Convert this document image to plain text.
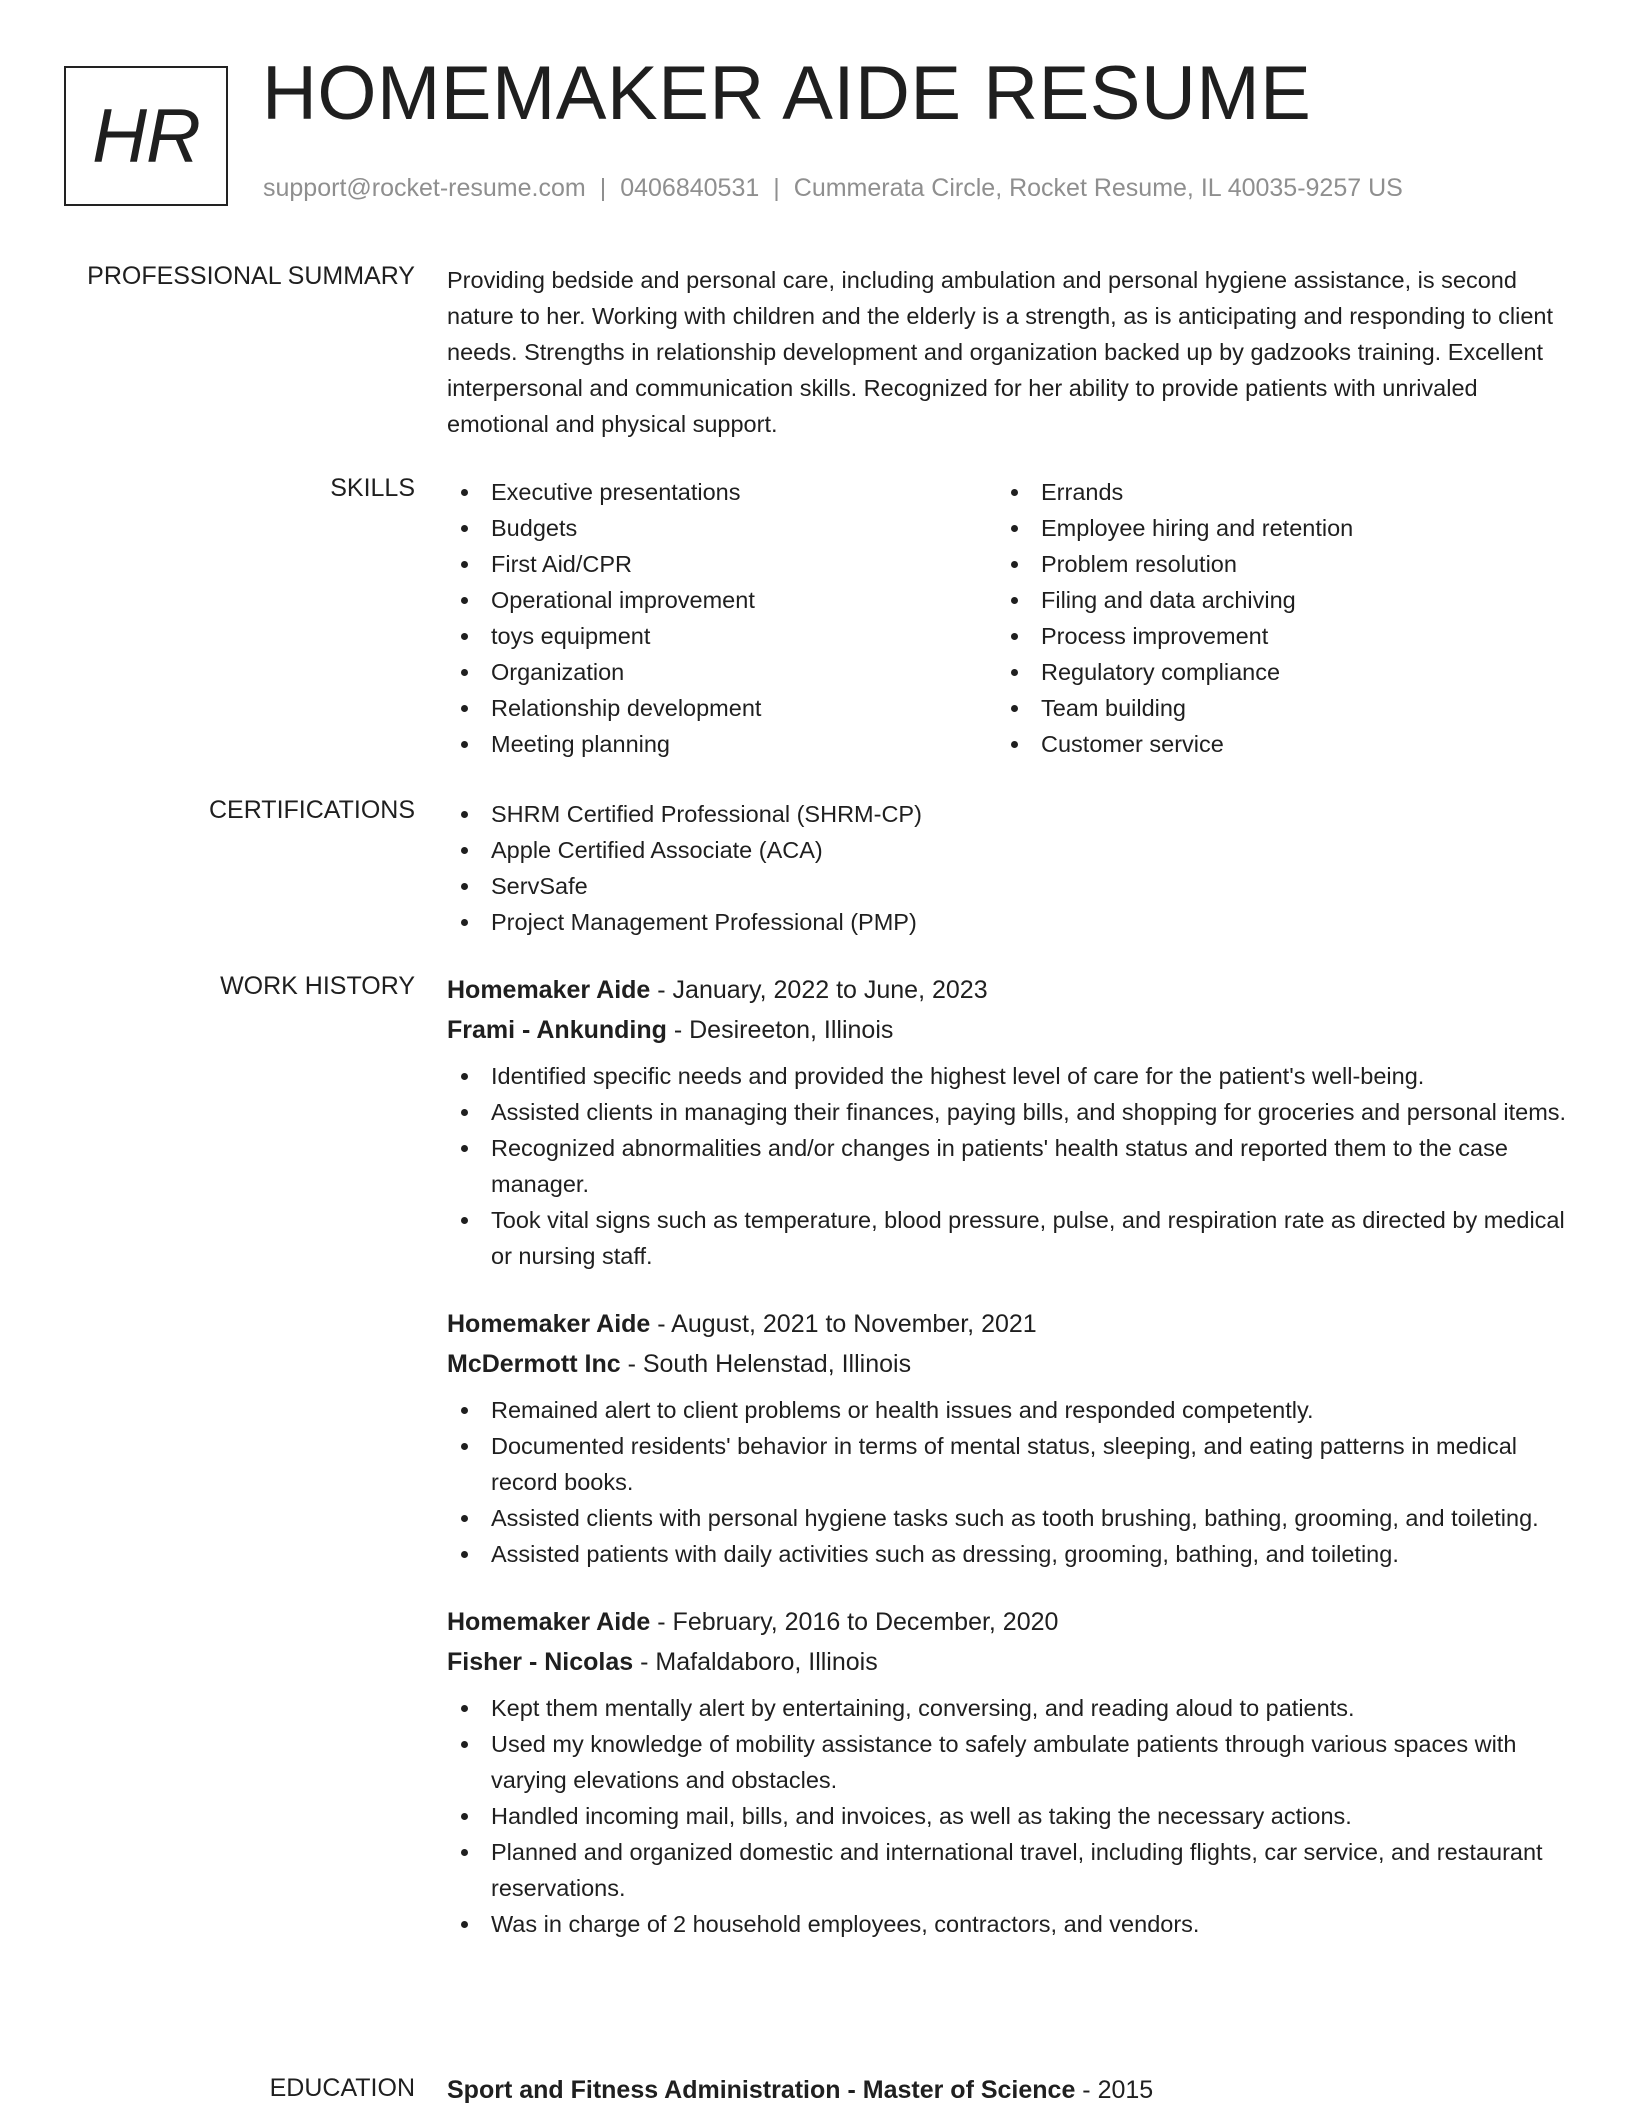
HR HOMEMAKER AIDE RESUME
support@rocket-resume.com | 0406840531 | Cummerata Circle, Rocket Resume, IL 40035-9257 US
PROFESSIONAL SUMMARY Providing bedside and personal care, including ambulation and personal hygiene assistance, is second nature to her. Working with children and the elderly is a strength, as is anticipating and responding to client needs. Strengths in relationship development and organization backed up by gadzooks training. Excellent interpersonal and communication skills. Recognized for her ability to provide patients with unrivaled emotional and physical support.

SKILLS	Executive presentations
Budgets
First Aid/CPR
Operational improvement
toys equipment
Organization
Relationship development
Meeting planning
Errands
Employee hiring and retention
Problem resolution
Filing and data archiving
Process improvement
Regulatory compliance
Team building
Customer service
CERTIFICATIONS	SHRM Certified Professional (SHRM-CP)
Apple Certified Associate (ACA)
ServSafe
Project Management Professional (PMP)
WORK HISTORY Homemaker Aide - January, 2022 to June, 2023
Frami - Ankunding - Desireeton, Illinois
Identified specific needs and provided the highest level of care for the patient's well-being.
Assisted clients in managing their finances, paying bills, and shopping for groceries and personal items.
Recognized abnormalities and/or changes in patients' health status and reported them to the case manager.
Took vital signs such as temperature, blood pressure, pulse, and respiration rate as directed by medical or nursing staff.
Homemaker Aide - August, 2021 to November, 2021
McDermott Inc - South Helenstad, Illinois
Remained alert to client problems or health issues and responded competently.
Documented residents' behavior in terms of mental status, sleeping, and eating patterns in medical record books.
Assisted clients with personal hygiene tasks such as tooth brushing, bathing, grooming, and toileting.
Assisted patients with daily activities such as dressing, grooming, bathing, and toileting.
Homemaker Aide - February, 2016 to December, 2020
Fisher - Nicolas - Mafaldaboro, Illinois
Kept them mentally alert by entertaining, conversing, and reading aloud to patients.
Used my knowledge of mobility assistance to safely ambulate patients through various spaces with varying elevations and obstacles.
Handled incoming mail, bills, and invoices, as well as taking the necessary actions.
Planned and organized domestic and international travel, including flights, car service, and restaurant reservations.
Was in charge of 2 household employees, contractors, and vendors.
EDUCATION Sport and Fitness Administration - Master of Science - 2015
